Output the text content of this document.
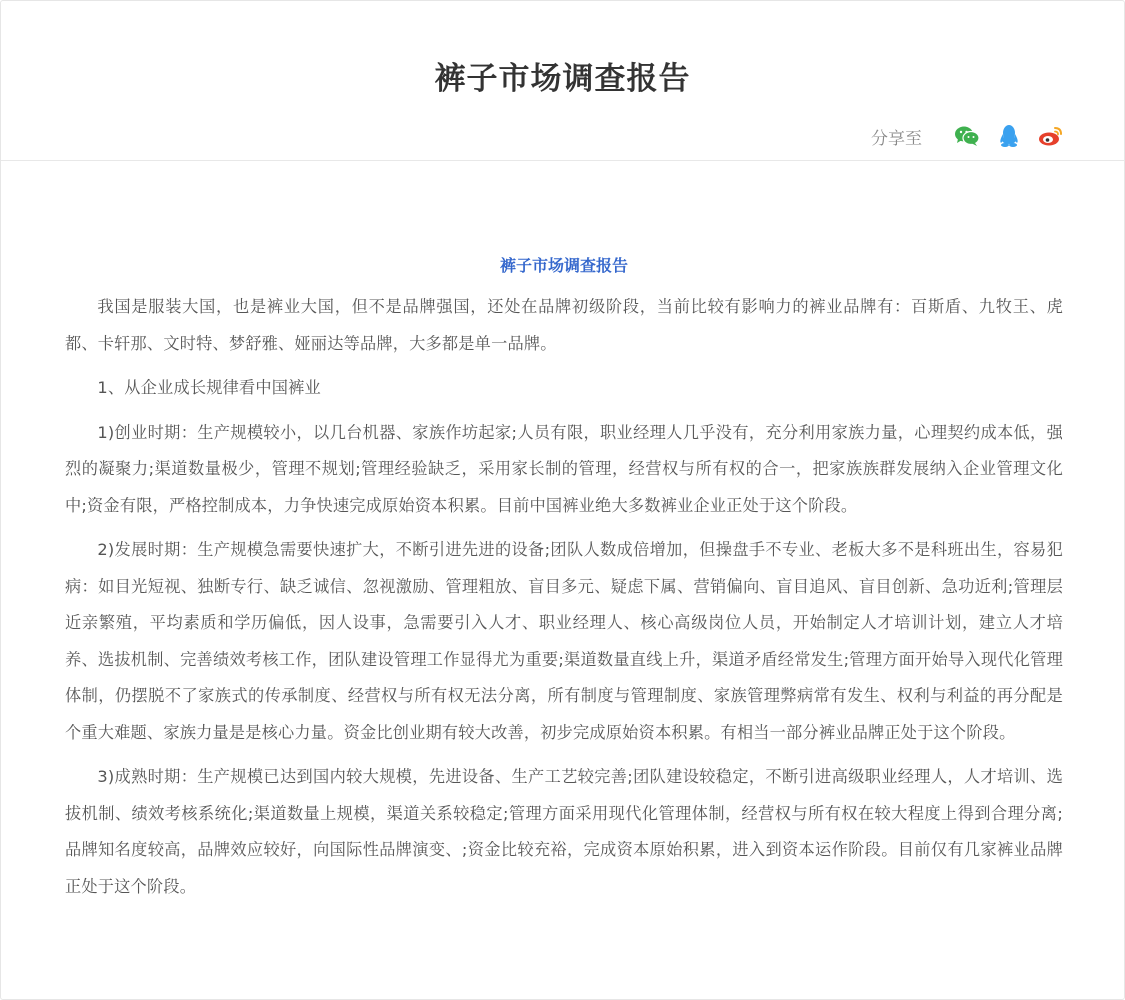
裤子市场调查报告
分享至
裤子市场调查报告

我国是服装大国，也是裤业大国，但不是品牌强国，还处在品牌初级阶段，当前比较有影响力的裤业品牌有：百斯盾、九牧王、虎都、卡轩那、文时特、梦舒雅、娅丽达等品牌，大多都是单一品牌。

1、从企业成长规律看中国裤业

1)创业时期：生产规模较小，以几台机器、家族作坊起家;人员有限，职业经理人几乎没有，充分利用家族力量，心理契约成本低，强烈的凝聚力;渠道数量极少，管理不规划;管理经验缺乏，采用家长制的管理，经营权与所有权的合一，把家族族群发展纳入企业管理文化中;资金有限，严格控制成本，力争快速完成原始资本积累。目前中国裤业绝大多数裤业企业正处于这个阶段。

2)发展时期：生产规模急需要快速扩大，不断引进先进的设备;团队人数成倍增加，但操盘手不专业、老板大多不是科班出生，容易犯病：如目光短视、独断专行、缺乏诚信、忽视激励、管理粗放、盲目多元、疑虑下属、营销偏向、盲目追风、盲目创新、急功近利;管理层近亲繁殖，平均素质和学历偏低，因人设事，急需要引入人才、职业经理人、核心高级岗位人员，开始制定人才培训计划，建立人才培养、选拔机制、完善绩效考核工作，团队建设管理工作显得尤为重要;渠道数量直线上升，渠道矛盾经常发生;管理方面开始导入现代化管理体制，仍摆脱不了家族式的传承制度、经营权与所有权无法分离，所有制度与管理制度、家族管理弊病常有发生、权利与利益的再分配是个重大难题、家族力量是是核心力量。资金比创业期有较大改善，初步完成原始资本积累。有相当一部分裤业品牌正处于这个阶段。

3)成熟时期：生产规模已达到国内较大规模，先进设备、生产工艺较完善;团队建设较稳定，不断引进高级职业经理人，人才培训、选拔机制、绩效考核系统化;渠道数量上规模，渠道关系较稳定;管理方面采用现代化管理体制，经营权与所有权在较大程度上得到合理分离;品牌知名度较高，品牌效应较好，向国际性品牌演变、;资金比较充裕，完成资本原始积累，进入到资本运作阶段。目前仅有几家裤业品牌正处于这个阶段。
